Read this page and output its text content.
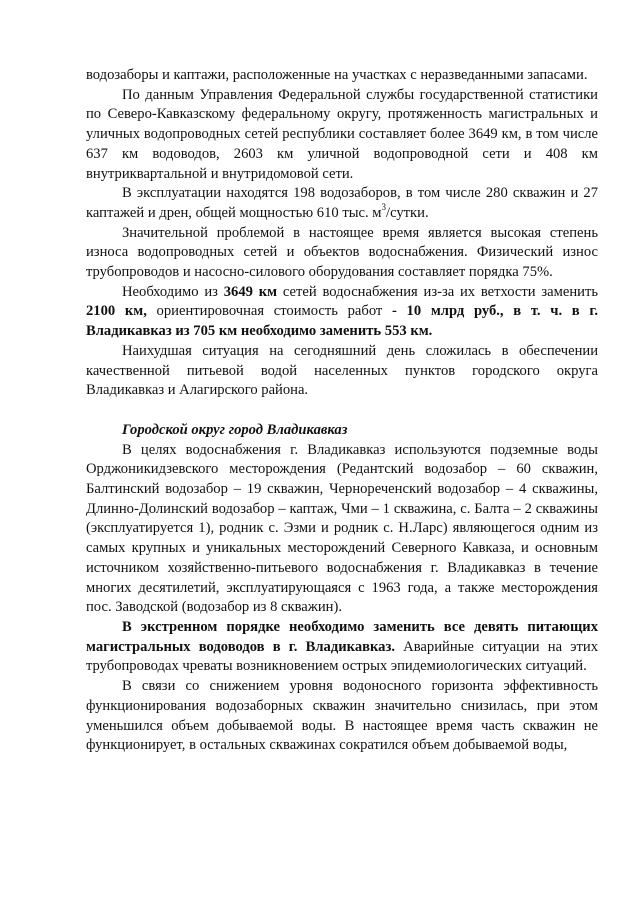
водозаборы и каптажи, расположенные на участках с неразведанными запасами.

По данным Управления Федеральной службы государственной статистики по Северо-Кавказскому федеральному округу, протяженность магистральных и уличных водопроводных сетей республики составляет более 3649 км, в том числе 637 км водоводов, 2603 км уличной водопроводной сети и 408 км внутриквартальной и внутридомовой сети.

В эксплуатации находятся 198 водозаборов, в том числе 280 скважин и 27 каптажей и дрен, общей мощностью 610 тыс. $м^3$/сутки.

Значительной проблемой в настоящее время является высокая степень износа водопроводных сетей и объектов водоснабжения. Физический износ трубопроводов и насосно-силового оборудования составляет порядка 75%.

Необходимо из 3649 км сетей водоснабжения из-за их ветхости заменить 2100 км, ориентировочная стоимость работ - 10 млрд руб., в т. ч. в г. Владикавказ из 705 км необходимо заменить 553 км.

Наихудшая ситуация на сегодняшний день сложилась в обеспечении качественной питьевой водой населенных пунктов городского округа Владикавказ и Алагирского района.

Городской округ город Владикавказ

В целях водоснабжения г. Владикавказ используются подземные воды Орджоникидзевского месторождения (Редантский водозабор – 60 скважин, Балтинский водозабор – 19 скважин, Чернореченский водозабор – 4 скважины, Длинно-Долинский водозабор – каптаж, Чми – 1 скважина, с. Балта – 2 скважины (эксплуатируется 1), родник с. Эзми и родник с. Н.Ларс) являющегося одним из самых крупных и уникальных месторождений Северного Кавказа, и основным источником хозяйственно-питьевого водоснабжения г. Владикавказ в течение многих десятилетий, эксплуатирующаяся с 1963 года, а также месторождения пос. Заводской (водозабор из 8 скважин).

В экстренном порядке необходимо заменить все девять питающих магистральных водоводов в г. Владикавказ. Аварийные ситуации на этих трубопроводах чреваты возникновением острых эпидемиологических ситуаций.

В связи со снижением уровня водоносного горизонта эффективность функционирования водозаборных скважин значительно снизилась, при этом уменьшился объем добываемой воды. В настоящее время часть скважин не функционирует, в остальных скважинах сократился объем добываемой воды,
